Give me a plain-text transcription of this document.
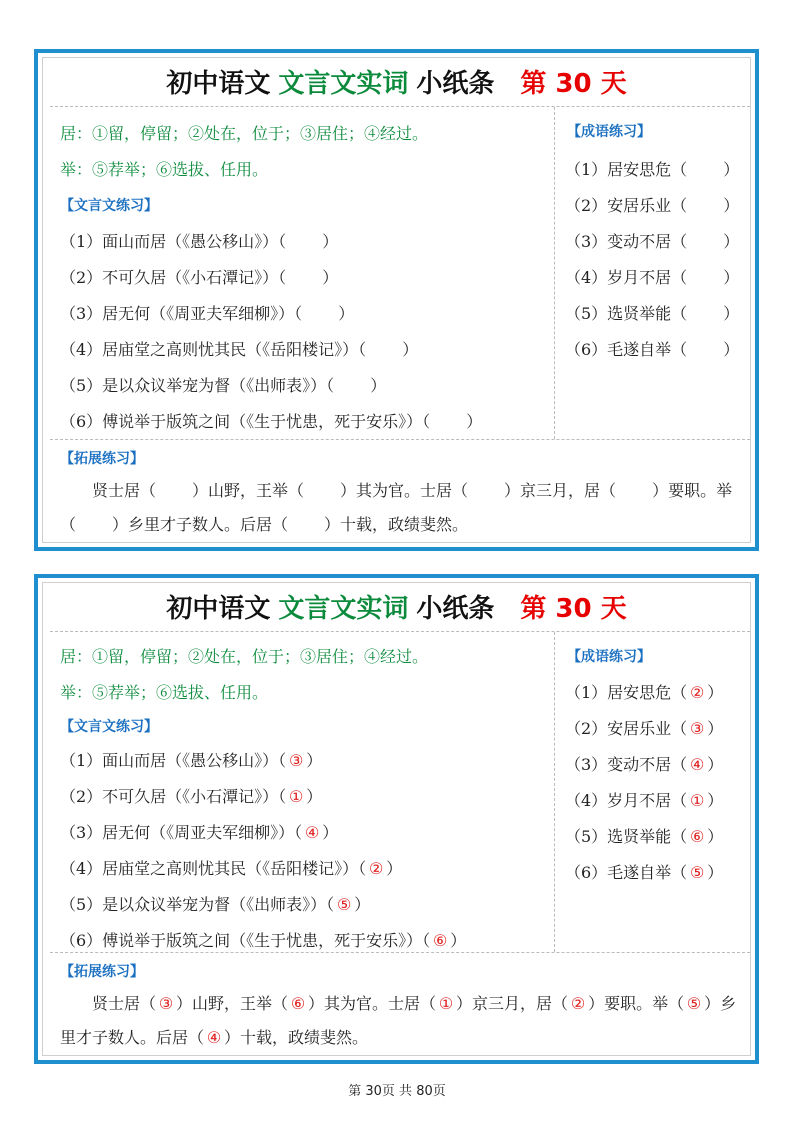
初中语文 文言文实词 小纸条 第 30 天
居：①留，停留；②处在，位于；③居住；④经过。
举：⑤荐举；⑥选拔、任用。
【文言文练习】
（1）面山而居（《愚公移山》）（ ）
（2）不可久居（《小石潭记》）（ ）
（3）居无何（《周亚夫军细柳》）（ ）
（4）居庙堂之高则忧其民（《岳阳楼记》）（ ）
（5）是以众议举宠为督（《出师表》）（ ）
（6）傅说举于版筑之间（《生于忧患，死于安乐》）（ ）
【成语练习】
（1）居安思危（ ）
（2）安居乐业（ ）
（3）变动不居（ ）
（4）岁月不居（ ）
（5）选贤举能（ ）
（6）毛遂自举（ ）
【拓展练习】
贤士居（ ）山野，王举（ ）其为官。士居（ ）京三月，居（ ）要职。举（ ）乡里才子数人。后居（ ）十载，政绩斐然。
初中语文 文言文实词 小纸条 第 30 天
居：①留，停留；②处在，位于；③居住；④经过。
举：⑤荐举；⑥选拔、任用。
【文言文练习】
（1）面山而居（《愚公移山》）（ ③ ）
（2）不可久居（《小石潭记》）（ ① ）
（3）居无何（《周亚夫军细柳》）（ ④ ）
（4）居庙堂之高则忧其民（《岳阳楼记》）（ ② ）
（5）是以众议举宠为督（《出师表》）（ ⑤ ）
（6）傅说举于版筑之间（《生于忧患，死于安乐》）（ ⑥ ）
【成语练习】
（1）居安思危（ ② ）
（2）安居乐业（ ③ ）
（3）变动不居（ ④ ）
（4）岁月不居（ ① ）
（5）选贤举能（ ⑥ ）
（6）毛遂自举（ ⑤ ）
【拓展练习】
贤士居（ ③ ）山野，王举（ ⑥ ）其为官。士居（ ① ）京三月，居（ ② ）要职。举（ ⑤ ）乡里才子数人。后居（ ④ ）十载，政绩斐然。
第 30页 共 80页
